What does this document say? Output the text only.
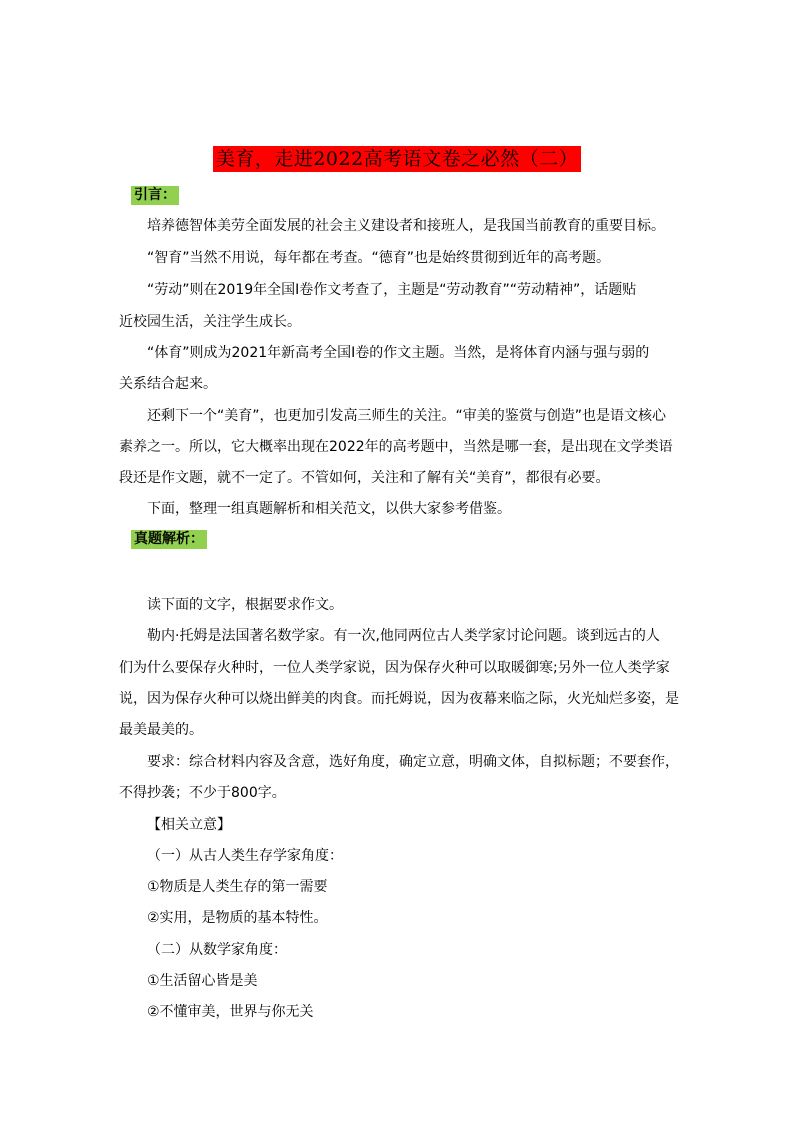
美育，走进2022高考语文卷之必然（二）
引言：
培养德智体美劳全面发展的社会主义建设者和接班人，是我国当前教育的重要目标。
“智育”当然不用说，每年都在考查。“德育”也是始终贯彻到近年的高考题。
“劳动”则在2019年全国Ⅰ卷作文考查了，主题是“劳动教育”“劳动精神”，话题贴
近校园生活，关注学生成长。
“体育”则成为2021年新高考全国Ⅰ卷的作文主题。当然，是将体育内涵与强与弱的
关系结合起来。
还剩下一个“美育”，也更加引发高三师生的关注。“审美的鉴赏与创造”也是语文核心
素养之一。所以，它大概率出现在2022年的高考题中，当然是哪一套，是出现在文学类语
段还是作文题，就不一定了。不管如何，关注和了解有关“美育”，都很有必要。
下面，整理一组真题解析和相关范文，以供大家参考借鉴。
真题解析：
读下面的文字，根据要求作文。
勒内·托姆是法国著名数学家。有一次,他同两位古人类学家讨论问题。谈到远古的人
们为什么要保存火种时，一位人类学家说，因为保存火种可以取暖御寒;另外一位人类学家
说，因为保存火种可以烧出鲜美的肉食。而托姆说，因为夜幕来临之际，火光灿烂多姿，是
最美最美的。
要求：综合材料内容及含意，选好角度，确定立意，明确文体，自拟标题；不要套作，
不得抄袭；不少于800字。
【相关立意】
（一）从古人类生存学家角度：
①物质是人类生存的第一需要
②实用，是物质的基本特性。
（二）从数学家角度：
①生活留心皆是美
②不懂审美，世界与你无关
